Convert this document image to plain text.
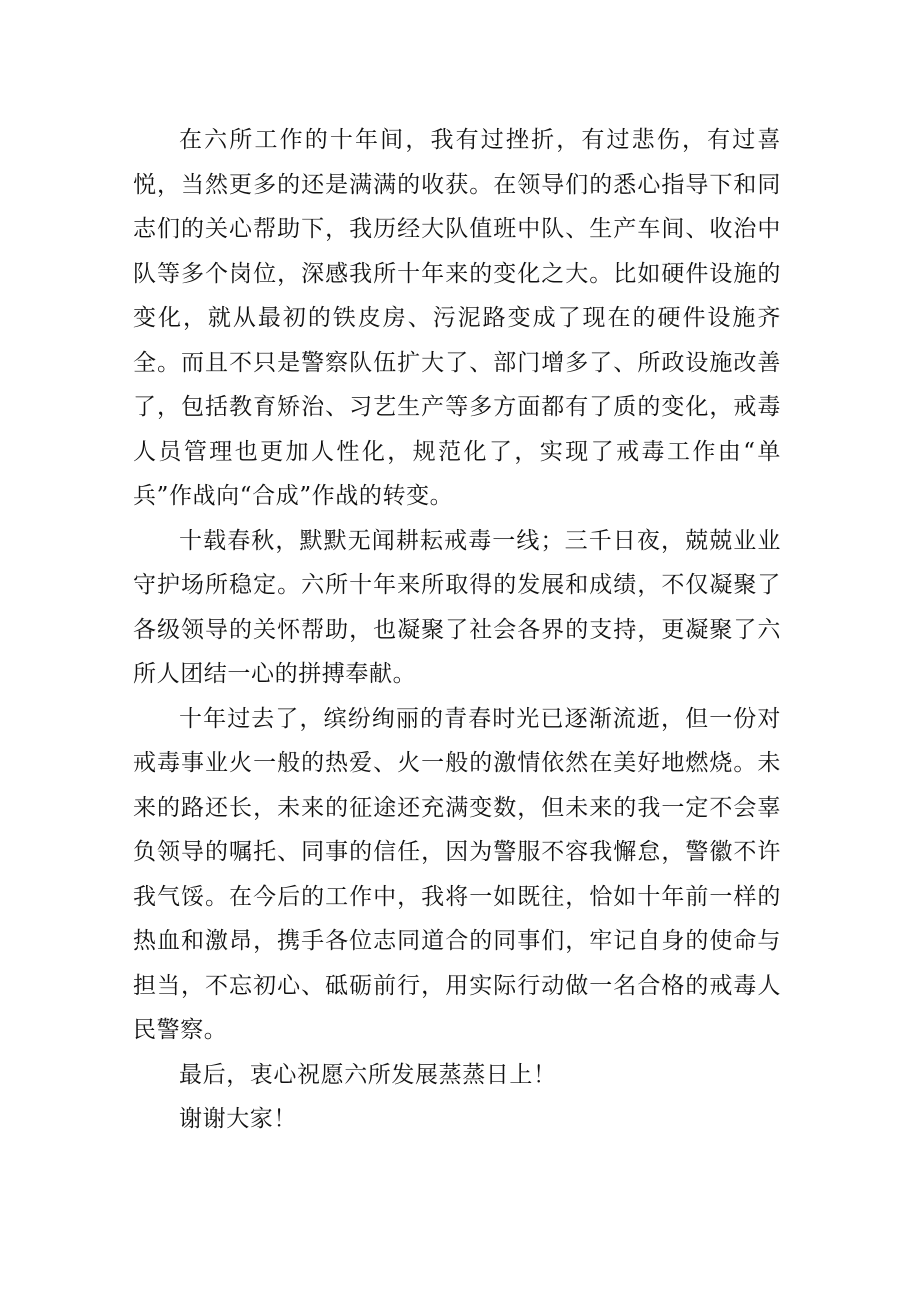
在六所工作的十年间，我有过挫折，有过悲伤，有过喜悦，当然更多的还是满满的收获。在领导们的悉心指导下和同志们的关心帮助下，我历经大队值班中队、生产车间、收治中队等多个岗位，深感我所十年来的变化之大。比如硬件设施的变化，就从最初的铁皮房、污泥路变成了现在的硬件设施齐全。而且不只是警察队伍扩大了、部门增多了、所政设施改善了，包括教育矫治、习艺生产等多方面都有了质的变化，戒毒人员管理也更加人性化，规范化了，实现了戒毒工作由“单兵”作战向“合成”作战的转变。

十载春秋，默默无闻耕耘戒毒一线；三千日夜，兢兢业业守护场所稳定。六所十年来所取得的发展和成绩，不仅凝聚了各级领导的关怀帮助，也凝聚了社会各界的支持，更凝聚了六所人团结一心的拼搏奉献。

十年过去了，缤纷绚丽的青春时光已逐渐流逝，但一份对戒毒事业火一般的热爱、火一般的激情依然在美好地燃烧。未来的路还长，未来的征途还充满变数，但未来的我一定不会辜负领导的嘱托、同事的信任，因为警服不容我懈怠，警徽不许我气馁。在今后的工作中，我将一如既往，恰如十年前一样的热血和激昂，携手各位志同道合的同事们，牢记自身的使命与担当，不忘初心、砥砺前行，用实际行动做一名合格的戒毒人民警察。

最后，衷心祝愿六所发展蒸蒸日上！

谢谢大家！
